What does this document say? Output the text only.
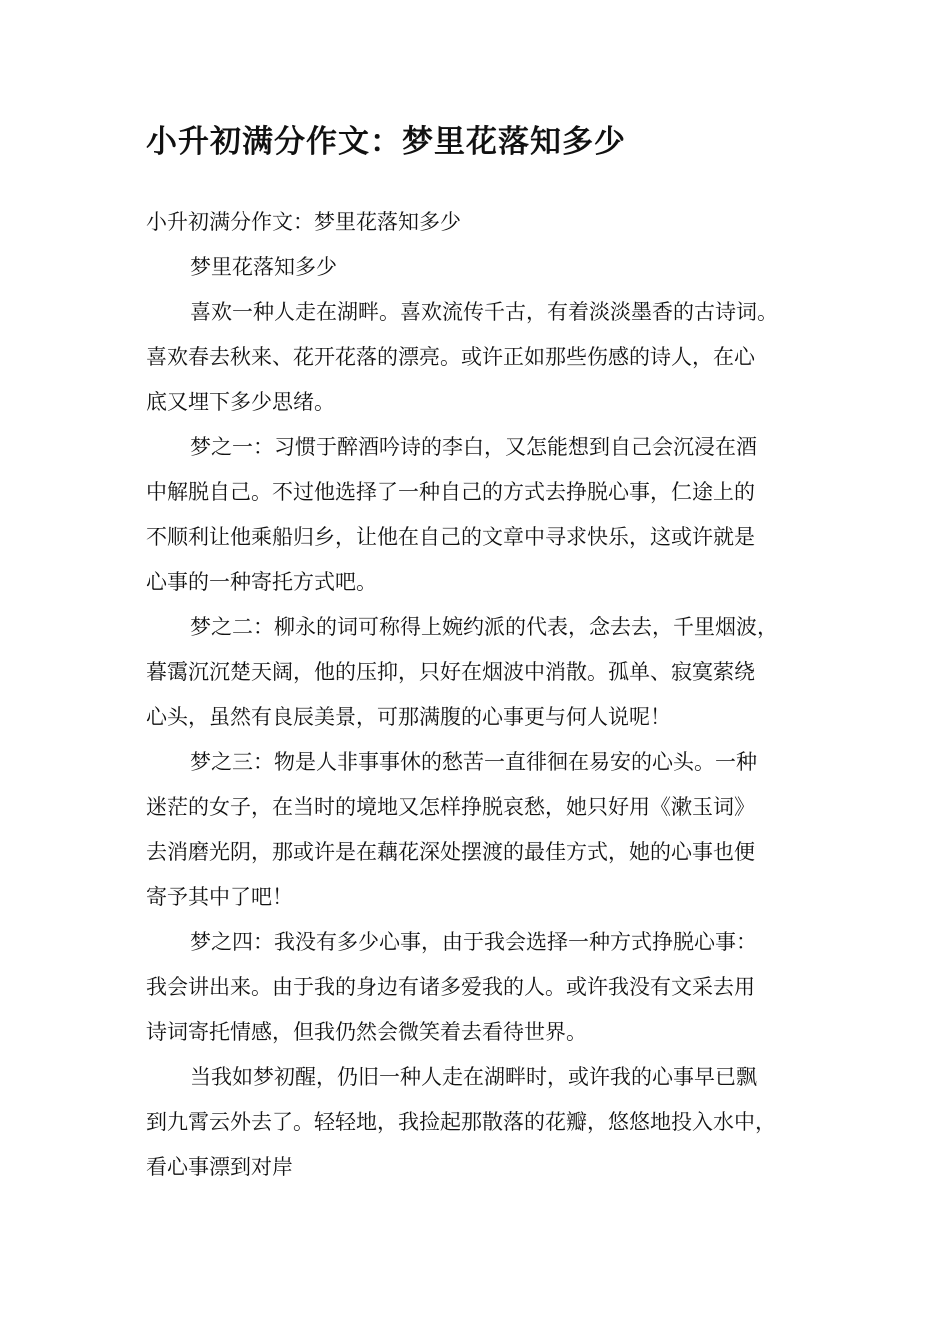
小升初满分作文：梦里花落知多少

小升初满分作文：梦里花落知多少

梦里花落知多少

喜欢一种人走在湖畔。喜欢流传千古，有着淡淡墨香的古诗词。
喜欢春去秋来、花开花落的漂亮。或许正如那些伤感的诗人，在心
底又埋下多少思绪。

梦之一：习惯于醉酒吟诗的李白，又怎能想到自己会沉浸在酒
中解脱自己。不过他选择了一种自己的方式去挣脱心事，仁途上的
不顺利让他乘船归乡，让他在自己的文章中寻求快乐，这或许就是
心事的一种寄托方式吧。

梦之二：柳永的词可称得上婉约派的代表，念去去，千里烟波，
暮霭沉沉楚天阔，他的压抑，只好在烟波中消散。孤单、寂寞萦绕
心头，虽然有良辰美景，可那满腹的心事更与何人说呢！

梦之三：物是人非事事休的愁苦一直徘徊在易安的心头。一种
迷茫的女子，在当时的境地又怎样挣脱哀愁，她只好用《漱玉词》
去消磨光阴，那或许是在藕花深处摆渡的最佳方式，她的心事也便
寄予其中了吧！

梦之四：我没有多少心事，由于我会选择一种方式挣脱心事：
我会讲出来。由于我的身边有诸多爱我的人。或许我没有文采去用
诗词寄托情感，但我仍然会微笑着去看待世界。

当我如梦初醒，仍旧一种人走在湖畔时，或许我的心事早已飘
到九霄云外去了。轻轻地，我捡起那散落的花瓣，悠悠地投入水中，
看心事漂到对岸
